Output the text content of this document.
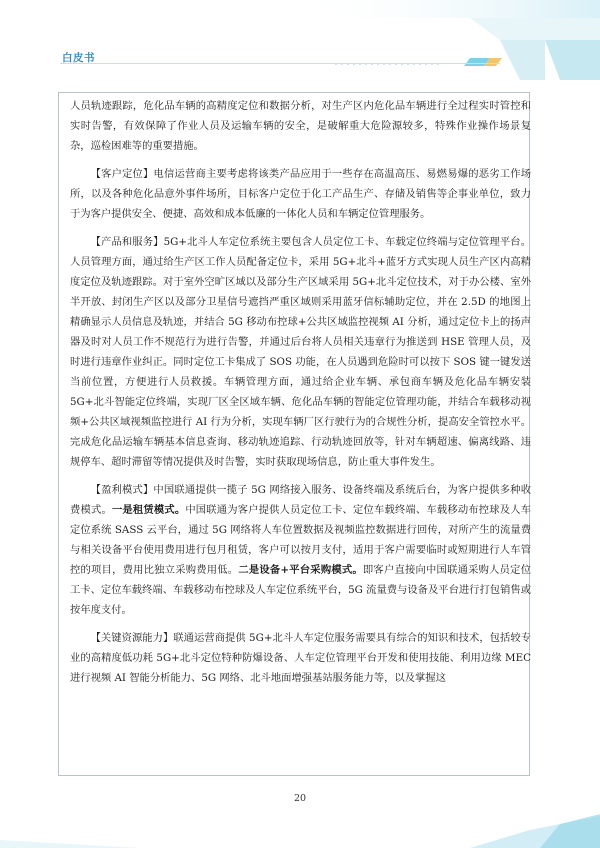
白皮书

人员轨迹跟踪，危化品车辆的高精度定位和数据分析，对生产区内危化品车辆进行全过程实时管控和实时告警，有效保障了作业人员及运输车辆的安全，是破解重大危险源较多，特殊作业操作场景复杂，巡检困难等的重要措施。

【客户定位】电信运营商主要考虑将该类产品应用于一些存在高温高压、易燃易爆的恶劣工作场所，以及各种危化品意外事件场所，目标客户定位于化工产品生产、存储及销售等企事业单位，致力于为客户提供安全、便捷、高效和成本低廉的一体化人员和车辆定位管理服务。

【产品和服务】5G+北斗人车定位系统主要包含人员定位工卡、车载定位终端与定位管理平台。人员管理方面，通过给生产区工作人员配备定位卡，采用 5G+北斗+蓝牙方式实现人员生产区内高精度定位及轨迹跟踪。对于室外空旷区域以及部分生产区域采用 5G+北斗定位技术，对于办公楼、室外半开放、封闭生产区以及部分卫星信号遮挡严重区域则采用蓝牙信标辅助定位，并在 2.5D 的地图上精确显示人员信息及轨迹，并结合 5G 移动布控球+公共区域监控视频 AI 分析，通过定位卡上的扬声器及时对人员工作不规范行为进行告警，并通过后台将人员相关违章行为推送到 HSE 管理人员，及时进行违章作业纠正。同时定位工卡集成了 SOS 功能，在人员遇到危险时可以按下 SOS 键一键发送当前位置，方便进行人员救援。车辆管理方面，通过给企业车辆、承包商车辆及危化品车辆安装 5G+北斗智能定位终端，实现厂区全区域车辆、危化品车辆的智能定位管理功能，并结合车载移动视频+公共区域视频监控进行 AI 行为分析，实现车辆厂区行驶行为的合规性分析，提高安全管控水平。完成危化品运输车辆基本信息查询、移动轨迹追踪、行动轨迹回放等，针对车辆超速、偏离线路、违规停车、超时滞留等情况提供及时告警，实时获取现场信息，防止重大事件发生。

【盈利模式】中国联通提供一揽子 5G 网络接入服务、设备终端及系统后台，为客户提供多种收费模式。一是租赁模式。中国联通为客户提供人员定位工卡、定位车载终端、车载移动布控球及人车定位系统 SASS 云平台，通过 5G 网络将人车位置数据及视频监控数据进行回传，对所产生的流量费与相关设备平台使用费用进行包月租赁，客户可以按月支付，适用于客户需要临时或短期进行人车管控的项目，费用比独立采购费用低。二是设备+平台采购模式。即客户直接向中国联通采购人员定位工卡、定位车载终端、车载移动布控球及人车定位系统平台，5G 流量费与设备及平台进行打包销售或按年度支付。

【关键资源能力】联通运营商提供 5G+北斗人车定位服务需要具有综合的知识和技术，包括较专业的高精度低功耗 5G+北斗定位特种防爆设备、人车定位管理平台开发和使用技能、利用边缘 MEC 进行视频 AI 智能分析能力、5G 网络、北斗地面增强基站服务能力等，以及掌握这

20
